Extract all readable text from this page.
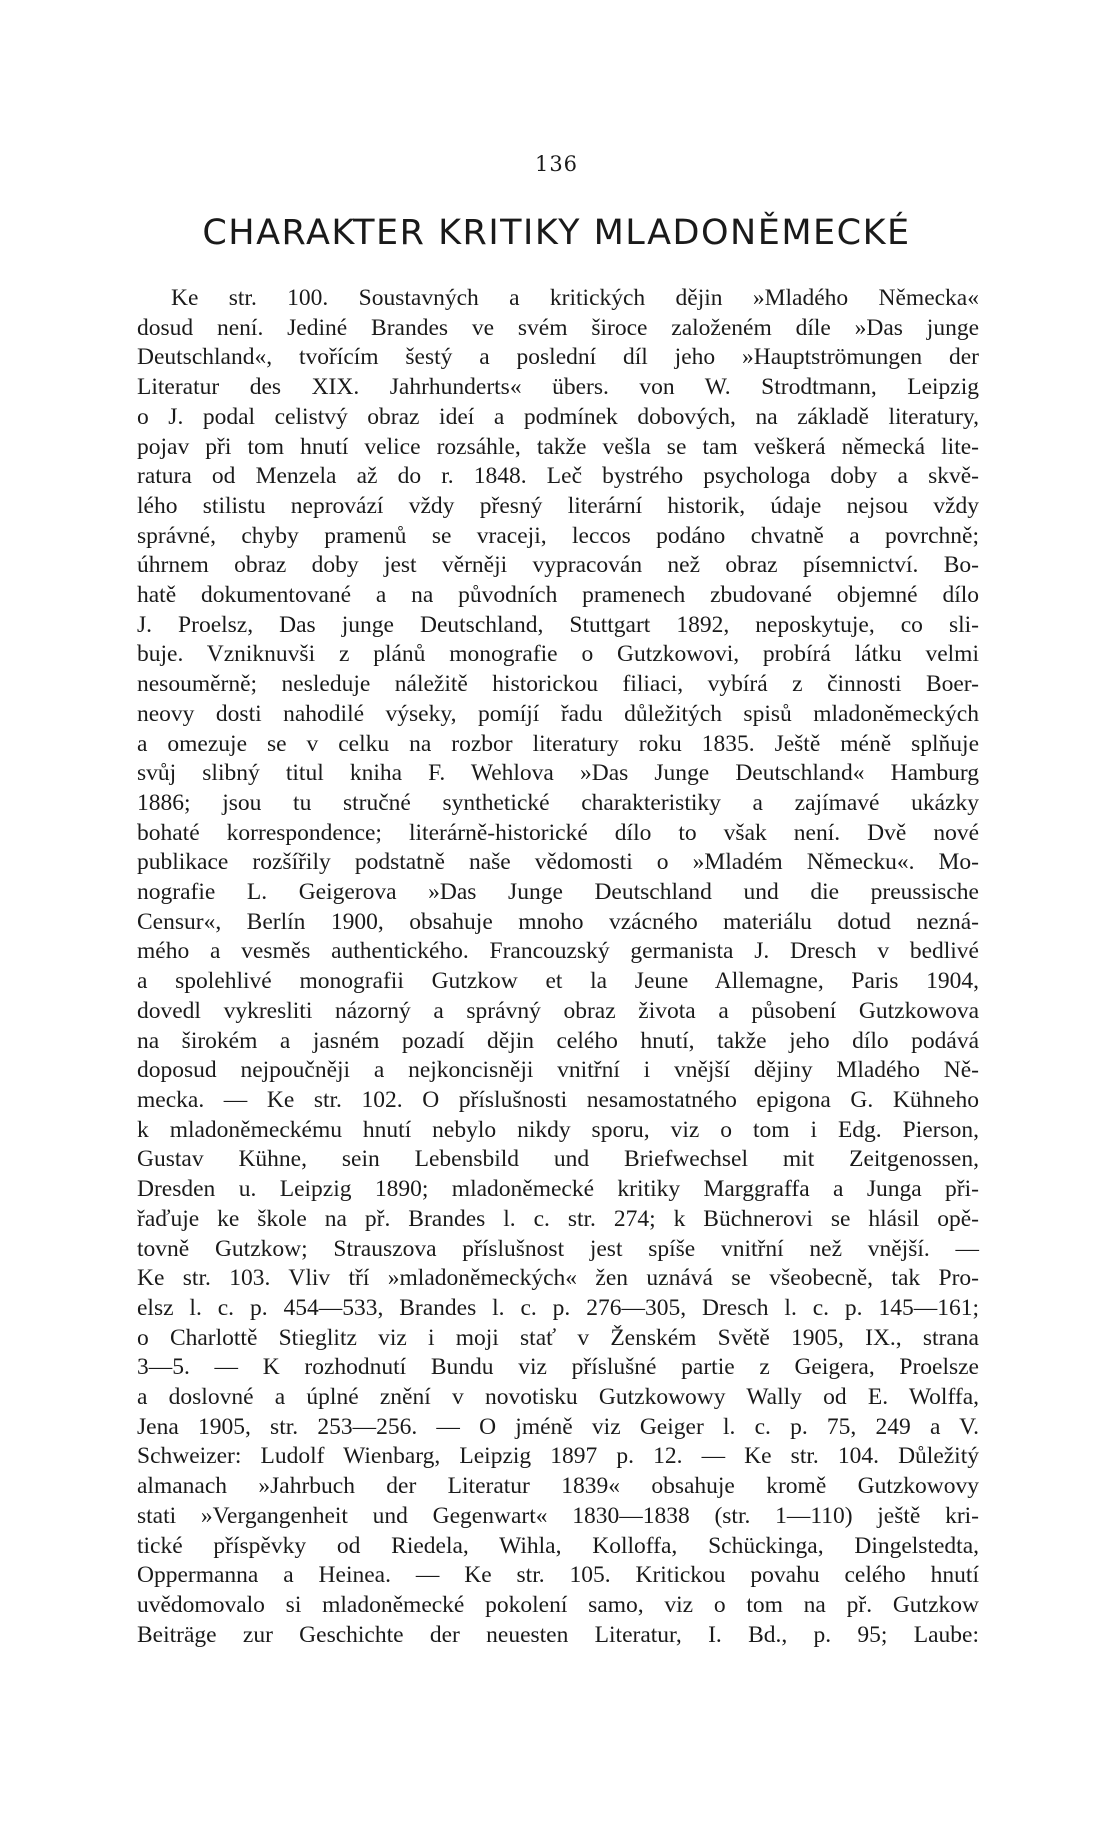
136
CHARAKTER KRITIKY MLADONĚMECKÉ
Ke str. 100. Soustavných a kritických dějin »Mladého Německa«
dosud není. Jediné Brandes ve svém široce založeném díle »Das junge
Deutschland«, tvořícím šestý a poslední díl jeho »Hauptströmungen der
Literatur des XIX. Jahrhunderts« übers. von W. Strodtmann, Leipzig
o J. podal celistvý obraz ideí a podmínek dobových, na základě literatury,
pojav při tom hnutí velice rozsáhle, takže vešla se tam veškerá německá lite-
ratura od Menzela až do r. 1848. Leč bystrého psychologa doby a skvě-
lého stilistu neprovází vždy přesný literární historik, údaje nejsou vždy
správné, chyby pramenů se vraceji, leccos podáno chvatně a povrchně;
úhrnem obraz doby jest věrněji vypracován než obraz písemnictví. Bo-
hatě dokumentované a na původních pramenech zbudované objemné dílo
J. Proelsz, Das junge Deutschland, Stuttgart 1892, neposkytuje, co sli-
buje. Vzniknuvši z plánů monografie o Gutzkowovi, probírá látku velmi
nesouměrně; nesleduje náležitě historickou filiaci, vybírá z činnosti Boer-
neovy dosti nahodilé výseky, pomíjí řadu důležitých spisů mladoněmeckých
a omezuje se v celku na rozbor literatury roku 1835. Ještě méně splňuje
svůj slibný titul kniha F. Wehlova »Das Junge Deutschland« Hamburg
1886; jsou tu stručné synthetické charakteristiky a zajímavé ukázky
bohaté korrespondence; literárně-historické dílo to však není. Dvě nové
publikace rozšířily podstatně naše vědomosti o »Mladém Německu«. Mo-
nografie L. Geigerova »Das Junge Deutschland und die preussische
Censur«, Berlín 1900, obsahuje mnoho vzácného materiálu dotud nezná-
mého a vesměs authentického. Francouzský germanista J. Dresch v bedlivé
a spolehlivé monografii Gutzkow et la Jeune Allemagne, Paris 1904,
dovedl vykresliti názorný a správný obraz života a působení Gutzkowova
na širokém a jasném pozadí dějin celého hnutí, takže jeho dílo podává
doposud nejpoučněji a nejkoncisněji vnitřní i vnější dějiny Mladého Ně-
mecka. — Ke str. 102. O příslušnosti nesamostatného epigona G. Kühneho
k mladoněmeckému hnutí nebylo nikdy sporu, viz o tom i Edg. Pierson,
Gustav Kühne, sein Lebensbild und Briefwechsel mit Zeitgenossen,
Dresden u. Leipzig 1890; mladoněmecké kritiky Marggraffa a Junga při-
řaďuje ke škole na př. Brandes l. c. str. 274; k Büchnerovi se hlásil opě-
tovně Gutzkow; Strauszova příslušnost jest spíše vnitřní než vnější. —
Ke str. 103. Vliv tří »mladoněmeckých« žen uznává se všeobecně, tak Pro-
elsz l. c. p. 454—533, Brandes l. c. p. 276—305, Dresch l. c. p. 145—161;
o Charlottě Stieglitz viz i moji stať v Ženském Světě 1905, IX., strana
3—5. — K rozhodnutí Bundu viz příslušné partie z Geigera, Proelsze
a doslovné a úplné znění v novotisku Gutzkowowy Wally od E. Wolffa,
Jena 1905, str. 253—256. — O jméně viz Geiger l. c. p. 75, 249 a V.
Schweizer: Ludolf Wienbarg, Leipzig 1897 p. 12. — Ke str. 104. Důležitý
almanach »Jahrbuch der Literatur 1839« obsahuje kromě Gutzkowovy
stati »Vergangenheit und Gegenwart« 1830—1838 (str. 1—110) ještě kri-
tické příspěvky od Riedela, Wihla, Kolloffa, Schückinga, Dingelstedta,
Oppermanna a Heinea. — Ke str. 105. Kritickou povahu celého hnutí
uvědomovalo si mladoněmecké pokolení samo, viz o tom na př. Gutzkow
Beiträge zur Geschichte der neuesten Literatur, I. Bd., p. 95; Laube:
